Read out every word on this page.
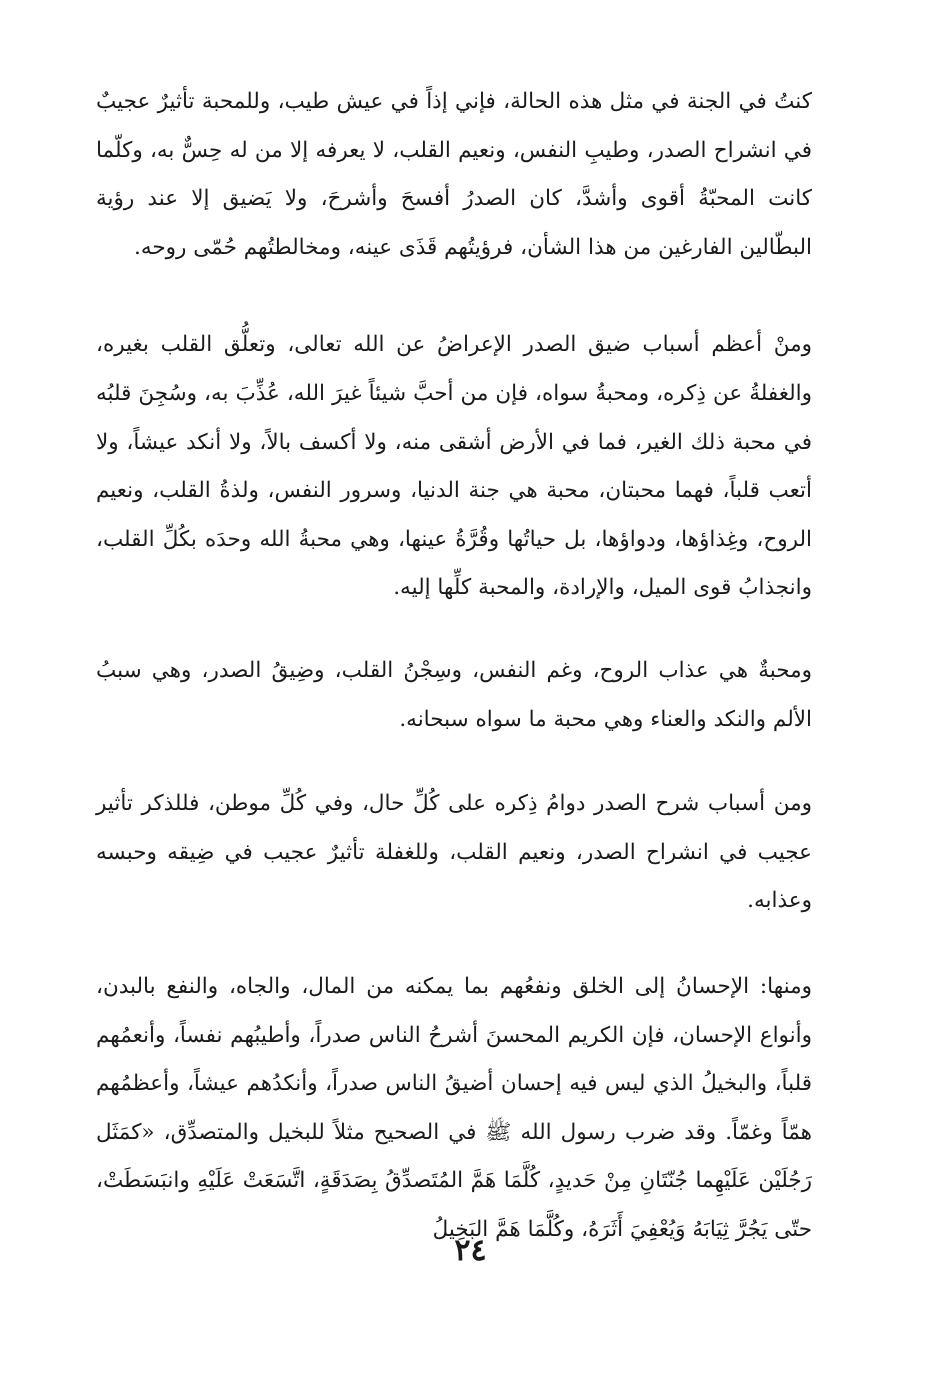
كنتُ في الجنة في مثل هذه الحالة، فإني إذاً في عيش طيب، وللمحبة تأثيرٌ عجيبٌ في انشراح الصدر، وطيبِ النفس، ونعيم القلب، لا يعرفه إلا من له حِسٌّ به، وكلّما كانت المحبّةُ أقوى وأشدَّ، كان الصدرُ أفسحَ وأشرحَ، ولا يَضيق إلا عند رؤية البطّالين الفارغين من هذا الشأن، فرؤيتُهم قَذَى عينه، ومخالطتُهم حُمّى روحه.

ومنْ أعظم أسباب ضيق الصدر الإعراضُ عن الله تعالى، وتعلُّق القلب بغيره، والغفلةُ عن ذِكره، ومحبةُ سواه، فإن من أحبَّ شيئاً غيرَ الله، عُذِّبَ به، وسُجِنَ قلبُه في محبة ذلك الغير، فما في الأرض أشقى منه، ولا أكسف بالاً، ولا أنكد عيشاً، ولا أتعب قلباً، فهما محبتان، محبة هي جنة الدنيا، وسرور النفس، ولذةُ القلب، ونعيم الروح، وغِذاؤها، ودواؤها، بل حياتُها وقُرَّةُ عينها، وهي محبةُ الله وحدَه بكُلِّ القلب، وانجذابُ قوى الميل، والإرادة، والمحبة كلِّها إليه.

ومحبةٌ هي عذاب الروح، وغم النفس، وسِجْنُ القلب، وضِيقُ الصدر، وهي سببُ الألم والنكد والعناء وهي محبة ما سواه سبحانه.

ومن أسباب شرح الصدر دوامُ ذِكره على كُلِّ حال، وفي كُلِّ موطن، فللذكر تأثير عجيب في انشراح الصدر، ونعيم القلب، وللغفلة تأثيرٌ عجيب في ضِيقه وحبسه وعذابه.

ومنها: الإحسانُ إلى الخلق ونفعُهم بما يمكنه من المال، والجاه، والنفع بالبدن، وأنواع الإحسان، فإن الكريم المحسنَ أشرحُ الناس صدراً، وأطيبُهم نفساً، وأنعمُهم قلباً، والبخيلُ الذي ليس فيه إحسان أضيقُ الناس صدراً، وأنكدُهم عيشاً، وأعظمُهم همّاً وغمّاً. وقد ضرب رسول الله ﷺ في الصحيح مثلاً للبخيل والمتصدِّق، «كمَثَل رَجُلَيْن عَلَيْهِما جُنّتَانِ مِنْ حَديدٍ، كُلَّمَا هَمَّ المُتَصدِّقُ بِصَدَقَةٍ، اتَّسَعَتْ عَلَيْهِ وانبَسَطَتْ، حتّى يَجُرَّ ثِيَابَهُ وَيُعْفِيَ أَثَرَهُ، وكُلَّمَا هَمَّ البَخِيلُ

٢٤
